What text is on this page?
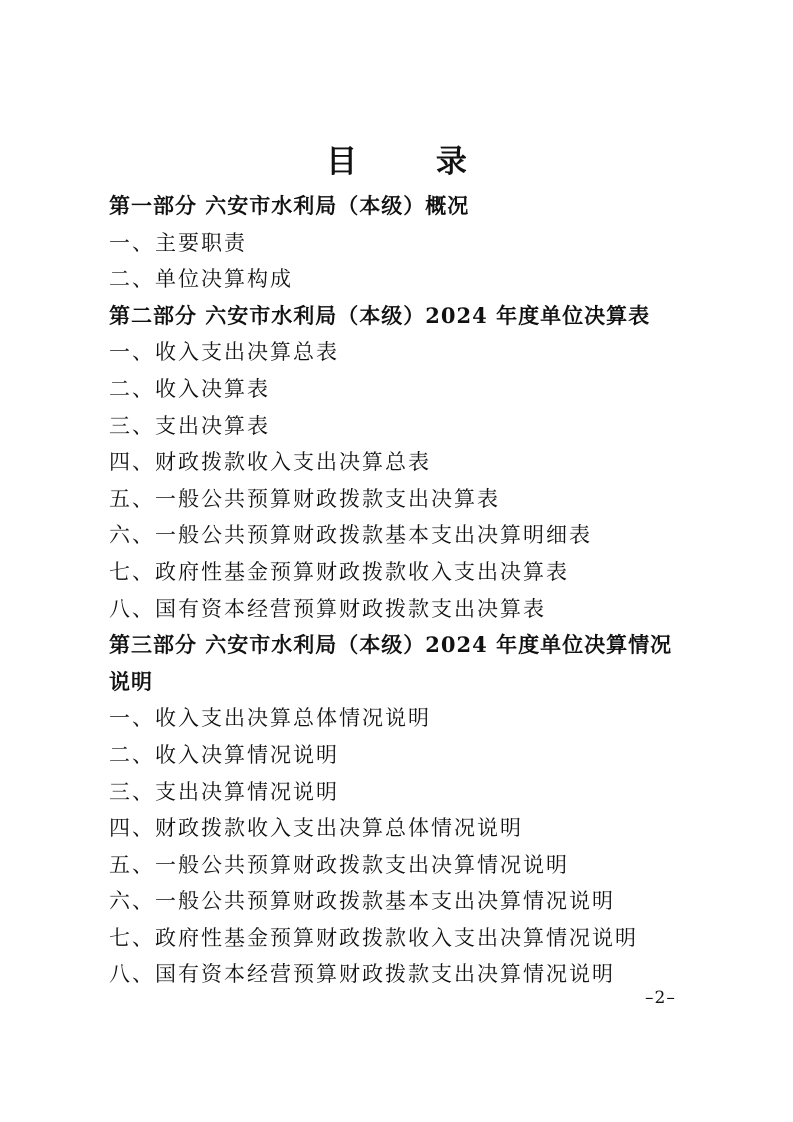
目 录
第一部分 六安市水利局（本级）概况
一、主要职责
二、单位决算构成
第二部分 六安市水利局（本级）2024 年度单位决算表
一、收入支出决算总表
二、收入决算表
三、支出决算表
四、财政拨款收入支出决算总表
五、一般公共预算财政拨款支出决算表
六、一般公共预算财政拨款基本支出决算明细表
七、政府性基金预算财政拨款收入支出决算表
八、国有资本经营预算财政拨款支出决算表
第三部分 六安市水利局（本级）2024 年度单位决算情况
说明
一、收入支出决算总体情况说明
二、收入决算情况说明
三、支出决算情况说明
四、财政拨款收入支出决算总体情况说明
五、一般公共预算财政拨款支出决算情况说明
六、一般公共预算财政拨款基本支出决算情况说明
七、政府性基金预算财政拨款收入支出决算情况说明
八、国有资本经营预算财政拨款支出决算情况说明
–2–
